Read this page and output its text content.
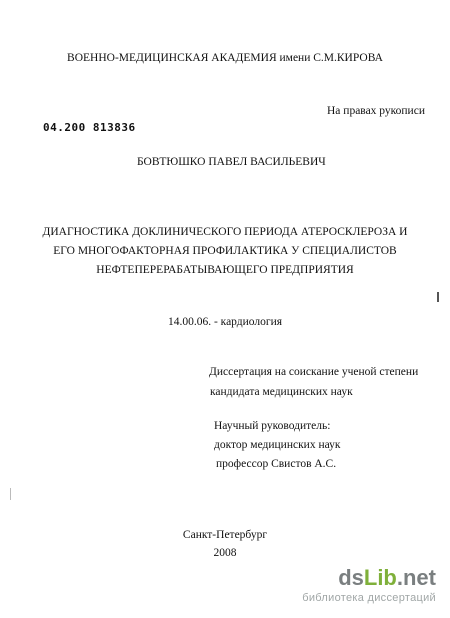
ВОЕННО-МЕДИЦИНСКАЯ АКАДЕМИЯ имени С.М.КИРОВА
На правах рукописи
04.200 813836
БОВТЮШКО ПАВЕЛ ВАСИЛЬЕВИЧ
ДИАГНОСТИКА ДОКЛИНИЧЕСКОГО ПЕРИОДА АТЕРОСКЛЕРОЗА И
ЕГО МНОГОФАКТОРНАЯ ПРОФИЛАКТИКА У СПЕЦИАЛИСТОВ
НЕФТЕПЕРЕРАБАТЫВАЮЩЕГО ПРЕДПРИЯТИЯ
14.00.06. - кардиология
Диссертация на соискание ученой степени
кандидата медицинских наук
Научный руководитель:
доктор медицинских наук
профессор Свистов А.С.
Санкт-Петербург
2008
dsLib.net
библиотека диссертаций
